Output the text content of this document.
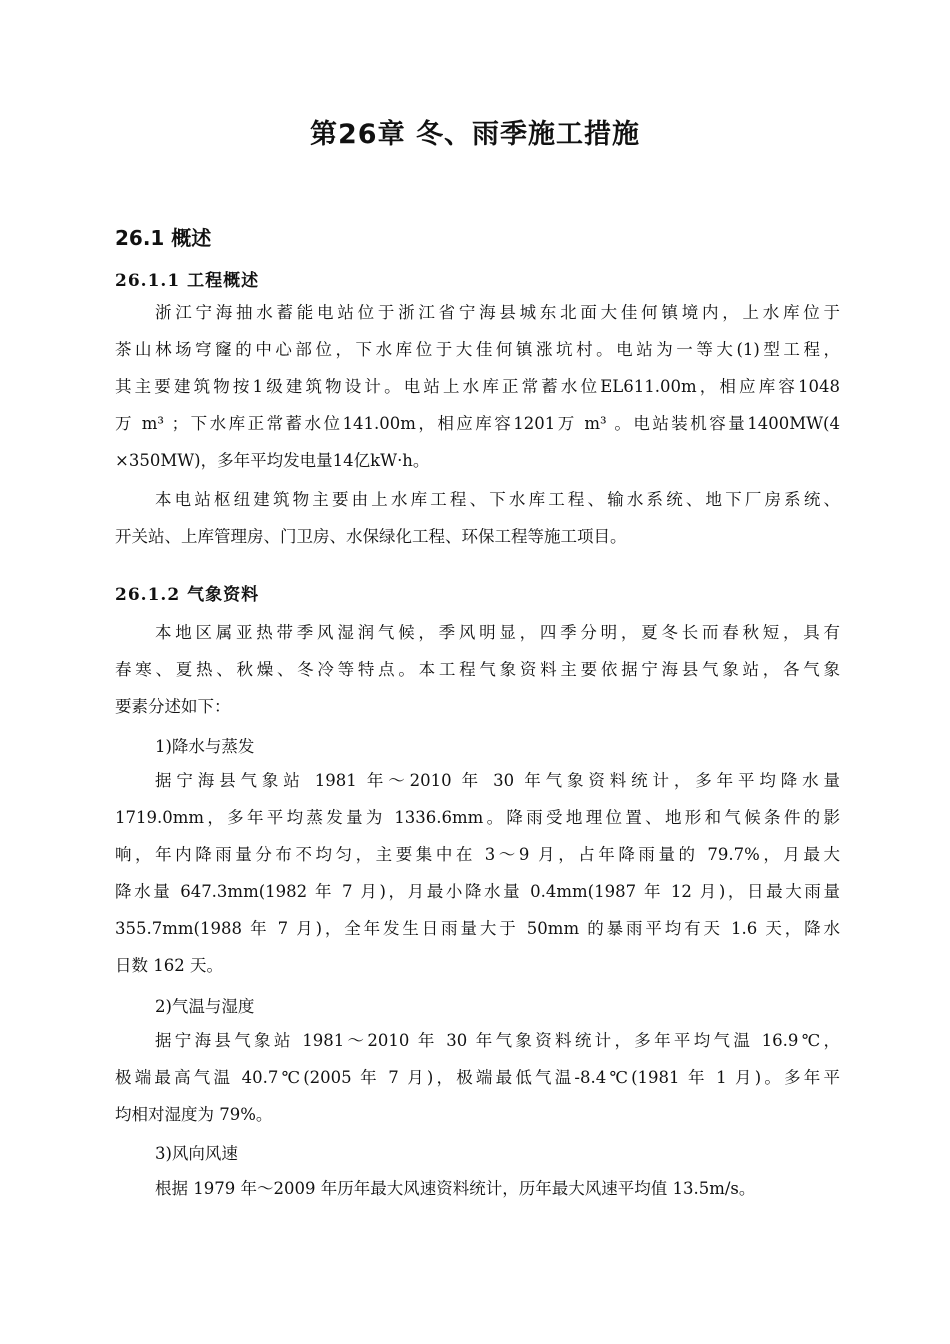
第26章 冬、雨季施工措施
26.1 概述
26.1.1 工程概述
浙江宁海抽水蓄能电站位于浙江省宁海县城东北面大佳何镇境内，上水库位于
茶山林场穹窿的中心部位，下水库位于大佳何镇涨坑村。电站为一等大(1)型工程，
其主要建筑物按1级建筑物设计。电站上水库正常蓄水位EL611.00m，相应库容1048
万 m³ ；下水库正常蓄水位141.00m，相应库容1201万 m³ 。电站装机容量1400MW(4
×350MW)，多年平均发电量14亿kW·h。
本电站枢纽建筑物主要由上水库工程、下水库工程、输水系统、地下厂房系统、
开关站、上库管理房、门卫房、水保绿化工程、环保工程等施工项目。
26.1.2 气象资料
本地区属亚热带季风湿润气候，季风明显，四季分明，夏冬长而春秋短，具有
春寒、夏热、秋燥、冬冷等特点。本工程气象资料主要依据宁海县气象站，各气象
要素分述如下：

1)降水与蒸发

据宁海县气象站 1981 年～2010 年 30 年气象资料统计，多年平均降水量
1719.0mm，多年平均蒸发量为 1336.6mm。降雨受地理位置、地形和气候条件的影
响，年内降雨量分布不均匀，主要集中在 3～9 月，占年降雨量的 79.7%，月最大
降水量 647.3mm(1982 年 7 月)，月最小降水量 0.4mm(1987 年 12 月)，日最大雨量
355.7mm(1988 年 7 月)，全年发生日雨量大于 50mm 的暴雨平均有天 1.6 天，降水
日数 162 天。

2)气温与湿度

据宁海县气象站 1981～2010 年 30 年气象资料统计，多年平均气温 16.9℃，
极端最高气温 40.7℃(2005 年 7 月)，极端最低气温-8.4℃(1981 年 1 月)。多年平
均相对湿度为 79%。

3)风向风速

根据 1979 年～2009 年历年最大风速资料统计，历年最大风速平均值 13.5m/s。
